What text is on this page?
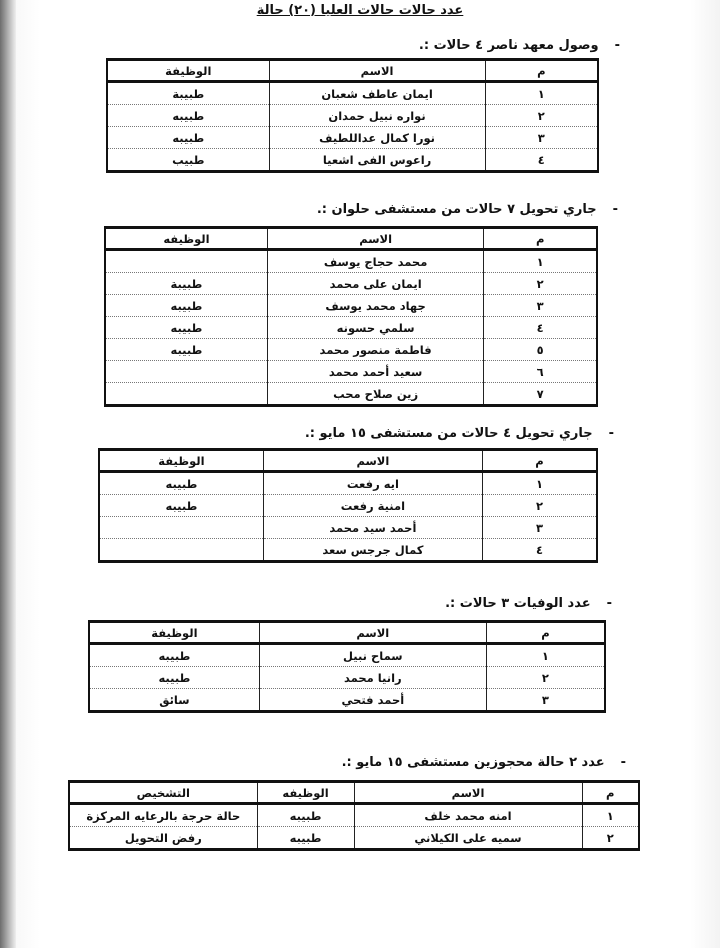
عدد حالات حالات العليا (٢٠) حالة
- وصول معهد ناصر ٤ حالات :.
م	الاسم	الوظيفة
١	ايمان عاطف شعبان	طبيبة
٢	نواره نبيل حمدان	طبيبه
٣	نورا كمال عداللطيف	طبيبه
٤	راعوس الفى اشعيا	طبيب
- جاري تحويل ٧ حالات من مستشفى حلوان :.
م	الاسم	الوظيفه
١	محمد حجاج يوسف	
٢	ايمان على محمد	طبيبة
٣	جهاد محمد يوسف	طبيبه
٤	سلمي حسونه	طبيبه
٥	فاطمة منصور محمد	طبيبه
٦	سعيد أحمد محمد	
٧	زين صلاح محب	
- جاري تحويل ٤ حالات من مستشفى ١٥ مايو :.
م	الاسم	الوظيفة
١	ايه رفعت	طبيبه
٢	امنية رفعت	طبيبه
٣	أحمد سيد محمد	
٤	كمال جرجس سعد	
- عدد الوفيات ٣ حالات :.
م	الاسم	الوظيفة
١	سماح نبيل	طبيبه
٢	رانيا محمد	طبيبه
٣	أحمد فتحي	سائق
- عدد ٢ حالة محجوزين مستشفى ١٥ مايو :.
م	الاسم	الوظيفه	التشخيص
١	امنه محمد خلف	طبيبه	حالة حرجة بالرعايه المركزة
٢	سميه على الكيلاني	طبيبه	رفض التحويل
